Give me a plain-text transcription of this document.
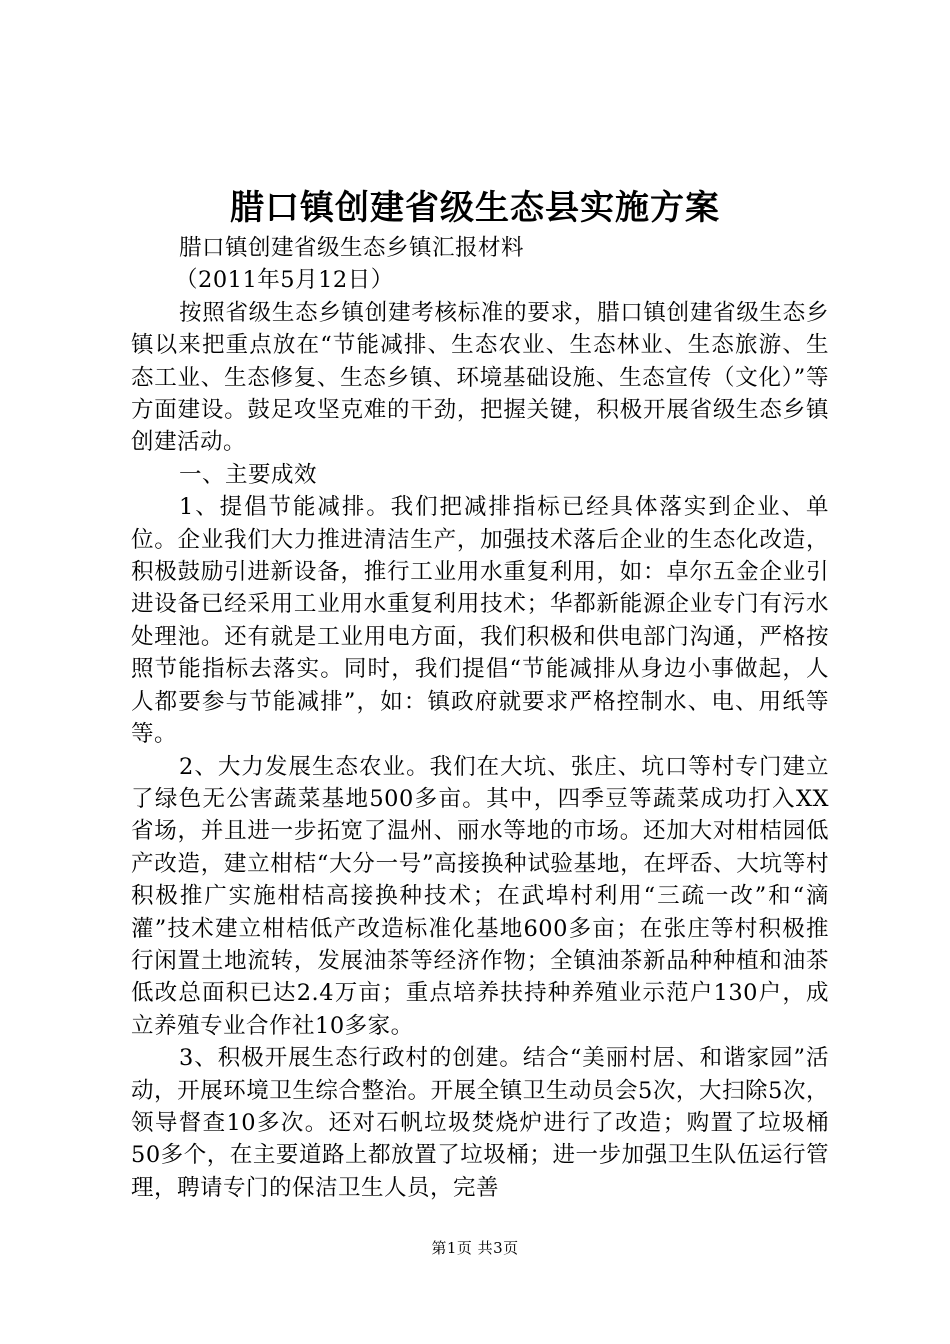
腊口镇创建省级生态县实施方案

腊口镇创建省级生态乡镇汇报材料

（2011年5月12日）

按照省级生态乡镇创建考核标准的要求，腊口镇创建省级生态乡镇以来把重点放在“节能减排、生态农业、生态林业、生态旅游、生态工业、生态修复、生态乡镇、环境基础设施、生态宣传（文化）”等方面建设。鼓足攻坚克难的干劲，把握关键，积极开展省级生态乡镇创建活动。

一、主要成效

1、提倡节能减排。我们把减排指标已经具体落实到企业、单位。企业我们大力推进清洁生产，加强技术落后企业的生态化改造，积极鼓励引进新设备，推行工业用水重复利用，如：卓尔五金企业引进设备已经采用工业用水重复利用技术；华都新能源企业专门有污水处理池。还有就是工业用电方面，我们积极和供电部门沟通，严格按照节能指标去落实。同时，我们提倡“节能减排从身边小事做起，人人都要参与节能减排”，如：镇政府就要求严格控制水、电、用纸等等。

2、大力发展生态农业。我们在大坑、张庄、坑口等村专门建立了绿色无公害蔬菜基地500多亩。其中，四季豆等蔬菜成功打入XX省场，并且进一步拓宽了温州、丽水等地的市场。还加大对柑桔园低产改造，建立柑桔“大分一号”高接换种试验基地，在坪岙、大坑等村积极推广实施柑桔高接换种技术；在武埠村利用“三疏一改”和“滴灌”技术建立柑桔低产改造标准化基地600多亩；在张庄等村积极推行闲置土地流转，发展油茶等经济作物；全镇油茶新品种种植和油茶低改总面积已达2.4万亩；重点培养扶持种养殖业示范户130户，成立养殖专业合作社10多家。

3、积极开展生态行政村的创建。结合“美丽村居、和谐家园”活动，开展环境卫生综合整治。开展全镇卫生动员会5次，大扫除5次，领导督查10多次。还对石帆垃圾焚烧炉进行了改造；购置了垃圾桶50多个，在主要道路上都放置了垃圾桶；进一步加强卫生队伍运行管理，聘请专门的保洁卫生人员，完善

第1页 共3页
